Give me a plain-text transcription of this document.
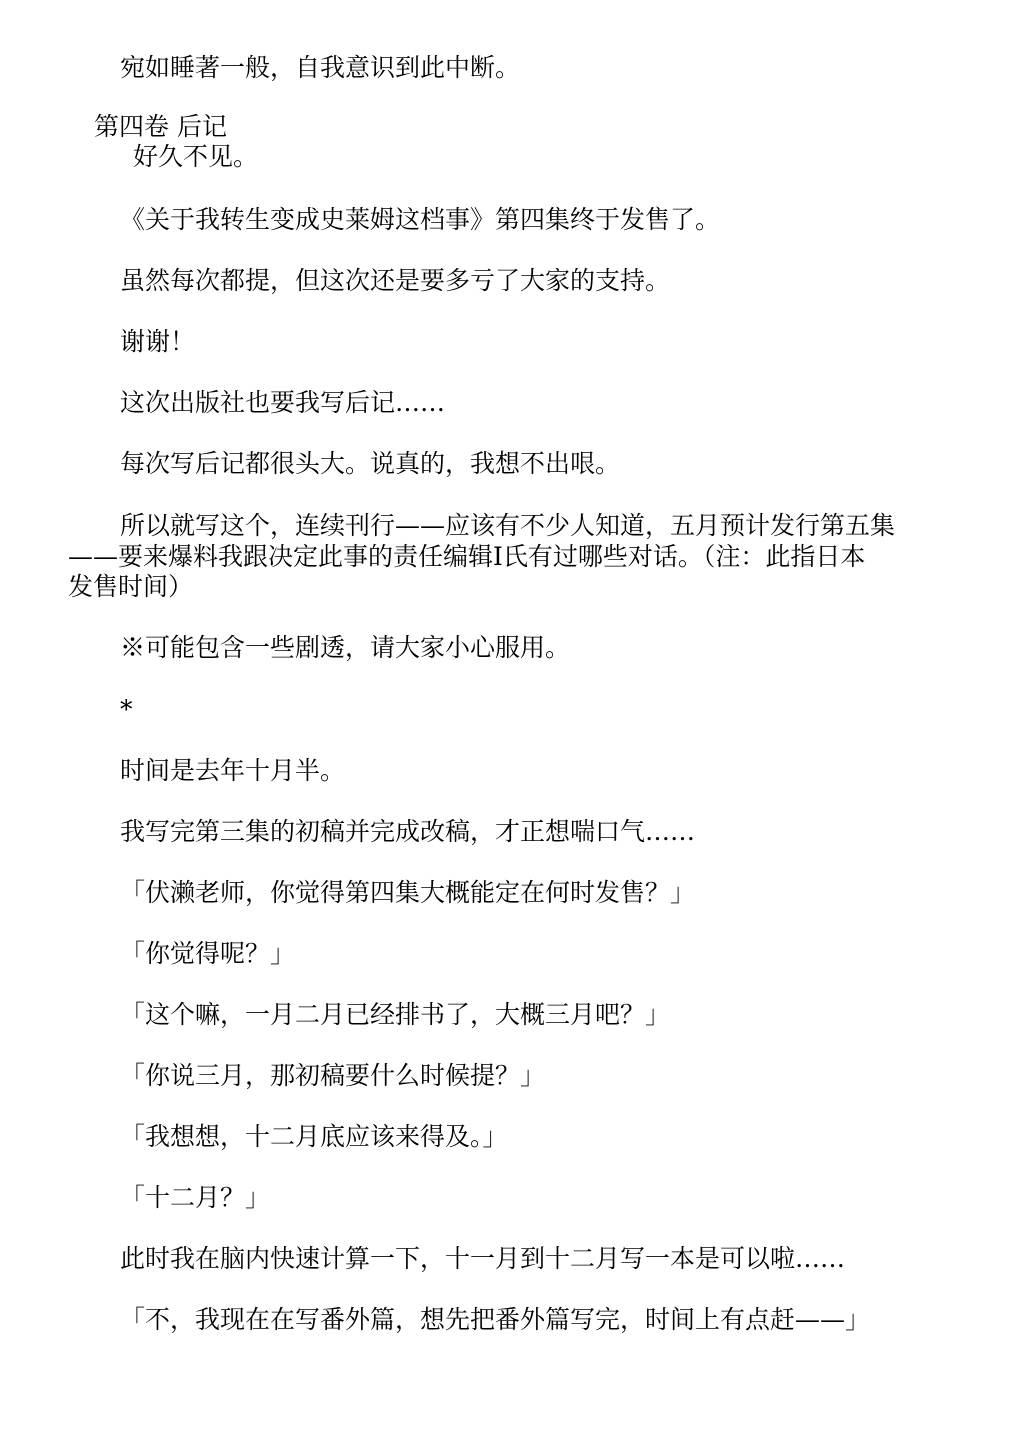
宛如睡著一般，自我意识到此中断。

第四卷 后记

好久不见。

《关于我转生变成史莱姆这档事》第四集终于发售了。

虽然每次都提，但这次还是要多亏了大家的支持。

谢谢！

这次出版社也要我写后记……

每次写后记都很头大。说真的，我想不出哏。

所以就写这个，连续刊行——应该有不少人知道，五月预计发行第五集

——要来爆料我跟决定此事的责任编辑I氏有过哪些对话。（注：此指日本

发售时间）

※可能包含一些剧透，请大家小心服用。

*

时间是去年十月半。

我写完第三集的初稿并完成改稿，才正想喘口气……

「伏濑老师，你觉得第四集大概能定在何时发售？」

「你觉得呢？」

「这个嘛，一月二月已经排书了，大概三月吧？」

「你说三月，那初稿要什么时候提？」

「我想想，十二月底应该来得及。」

「十二月？」

此时我在脑内快速计算一下，十一月到十二月写一本是可以啦……

「不，我现在在写番外篇，想先把番外篇写完，时间上有点赶——」
